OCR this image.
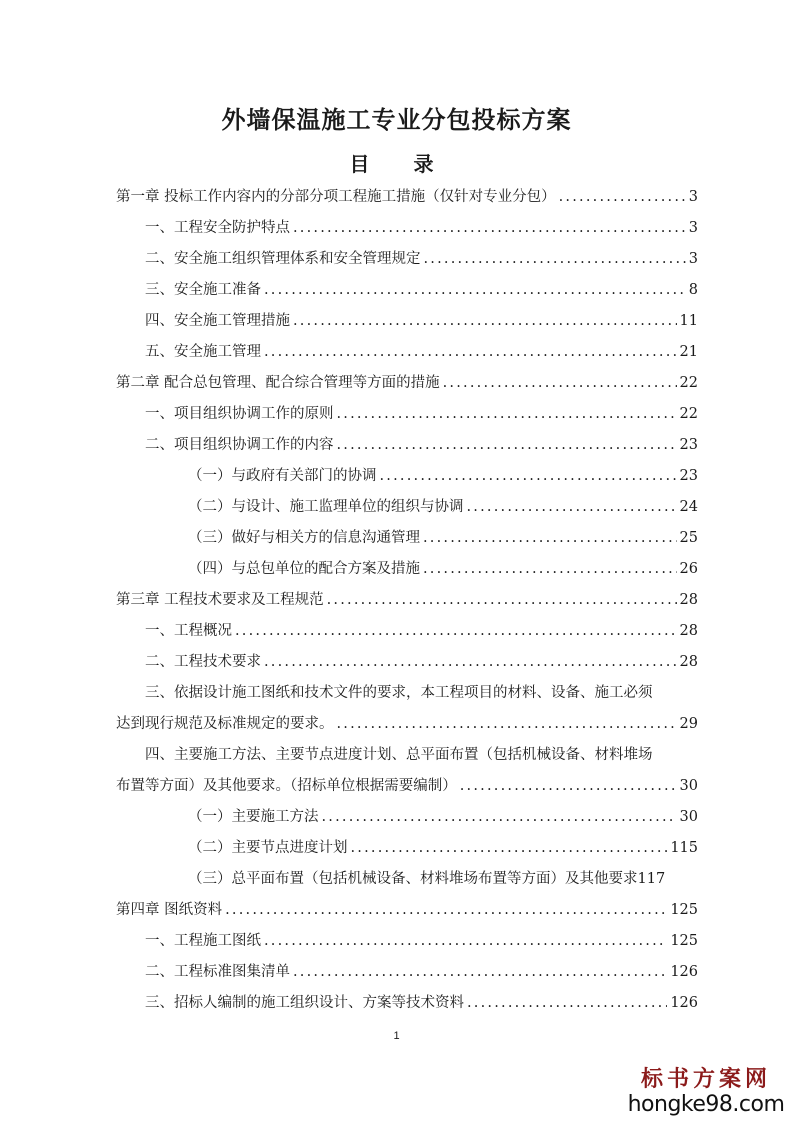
外墙保温施工专业分包投标方案
目  录
第一章 投标工作内容内的分部分项工程施工措施（仅针对专业分包） .....	3
一、工程安全防护特点 .....	3
二、安全施工组织管理体系和安全管理规定 .....	3
三、安全施工准备 .....	8
四、安全施工管理措施 .....	11
五、安全施工管理 .....	21
第二章 配合总包管理、配合综合管理等方面的措施 .....	22
一、项目组织协调工作的原则 .....	22
二、项目组织协调工作的内容 .....	23
（一）与政府有关部门的协调 .....	23
（二）与设计、施工监理单位的组织与协调 .....	24
（三）做好与相关方的信息沟通管理 .....	25
（四）与总包单位的配合方案及措施 .....	26
第三章 工程技术要求及工程规范 .....	28
一、工程概况 .....	28
二、工程技术要求 .....	28
三、依据设计施工图纸和技术文件的要求，本工程项目的材料、设备、施工必须
达到现行规范及标准规定的要求。 .....	29
四、主要施工方法、主要节点进度计划、总平面布置（包括机械设备、材料堆场
布置等方面）及其他要求。（招标单位根据需要编制） .....	30
（一）主要施工方法 .....	30
（二）主要节点进度计划 .....	115
（三）总平面布置（包括机械设备、材料堆场布置等方面）及其他要求 117
第四章 图纸资料 .....	125
一、工程施工图纸 .....	125
二、工程标准图集清单 .....	126
三、招标人编制的施工组织设计、方案等技术资料 .....	126
1
标书方案网
hongke98.com
